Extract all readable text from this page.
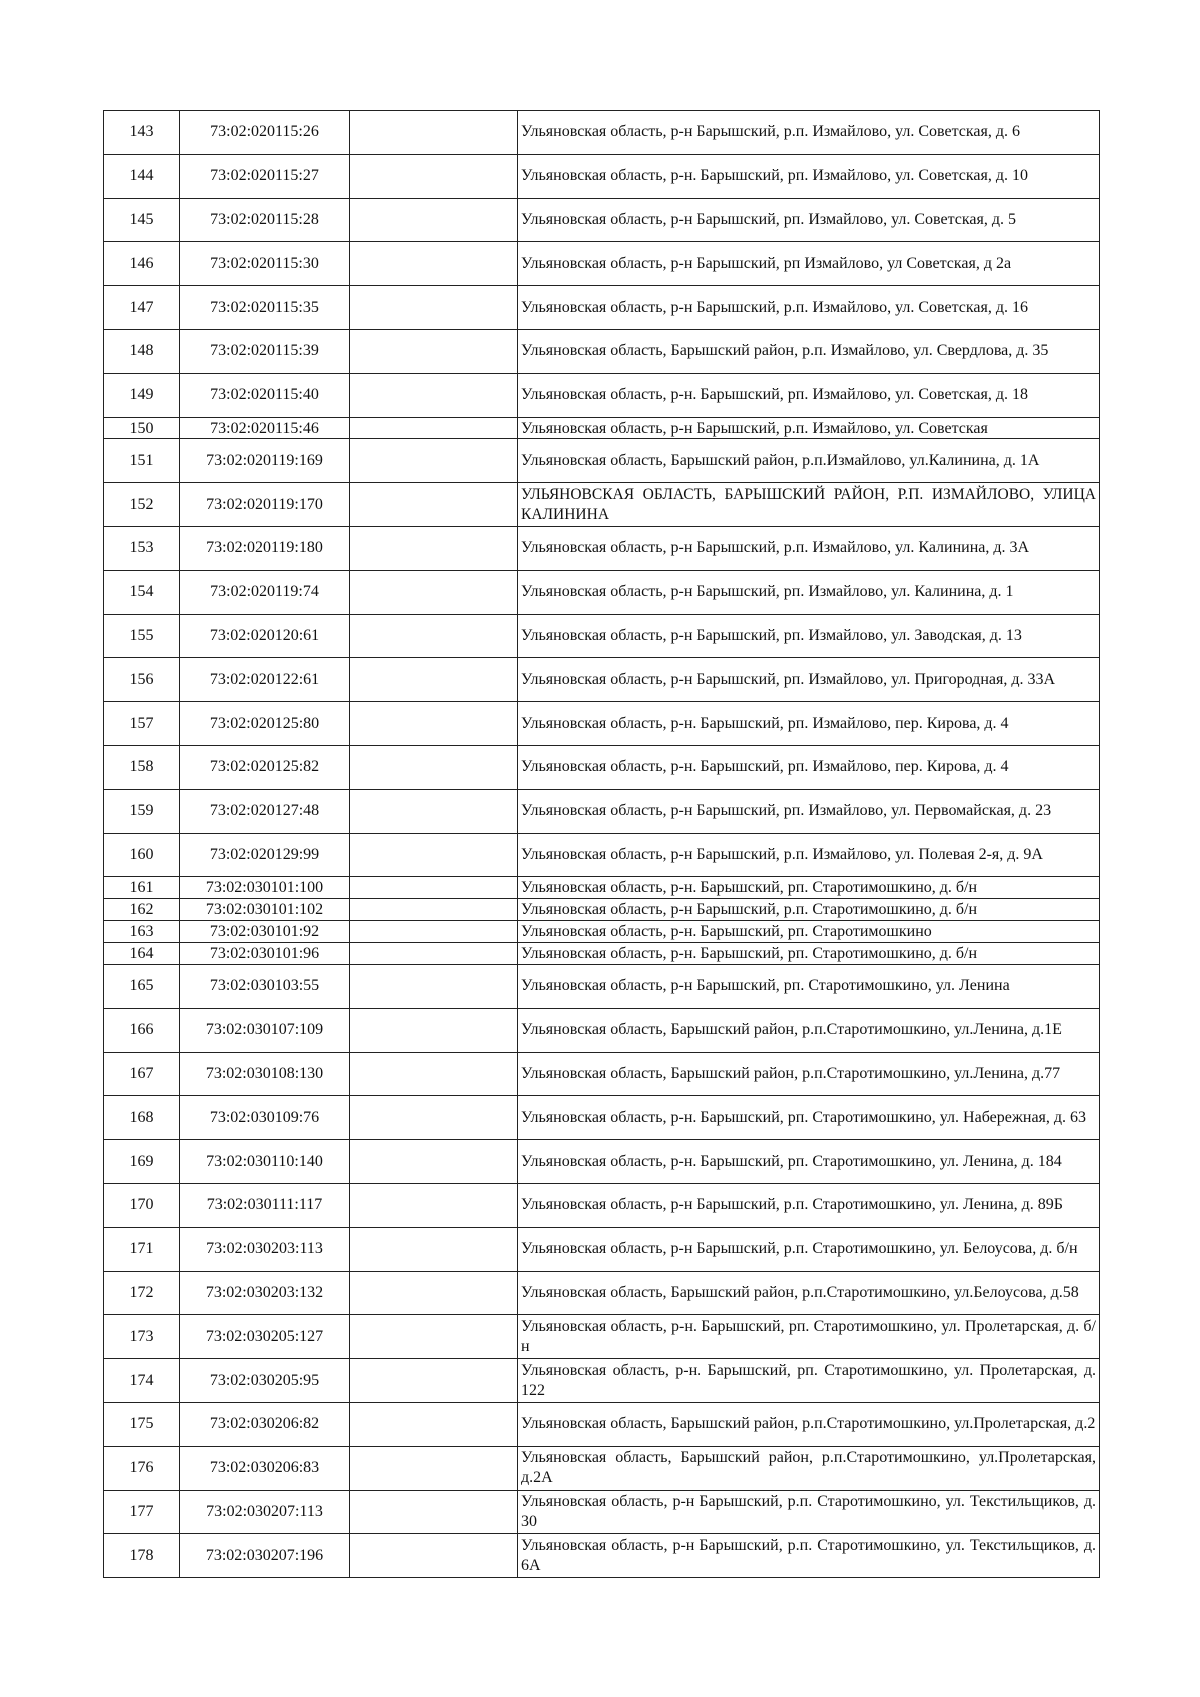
143	73:02:020115:26		Ульяновская область, р-н Барышский, р.п. Измайлово, ул. Советская, д. 6
144	73:02:020115:27		Ульяновская область, р-н. Барышский, рп. Измайлово, ул. Советская, д. 10
145	73:02:020115:28		Ульяновская область, р-н Барышский, рп. Измайлово, ул. Советская, д. 5
146	73:02:020115:30		Ульяновская область, р-н Барышский, рп Измайлово, ул Советская, д 2а
147	73:02:020115:35		Ульяновская область, р-н Барышский, р.п. Измайлово, ул. Советская, д. 16
148	73:02:020115:39		Ульяновская область, Барышский район, р.п. Измайлово, ул. Свердлова, д. 35
149	73:02:020115:40		Ульяновская область, р-н. Барышский, рп. Измайлово, ул. Советская, д. 18
150	73:02:020115:46		Ульяновская область, р-н Барышский, р.п. Измайлово, ул. Советская
151	73:02:020119:169		Ульяновская область, Барышский район, р.п.Измайлово, ул.Калинина, д. 1А
152	73:02:020119:170		УЛЬЯНОВСКАЯ ОБЛАСТЬ, БАРЫШСКИЙ РАЙОН, Р.П. ИЗМАЙЛОВО, УЛИЦА КАЛИНИНА
153	73:02:020119:180		Ульяновская область, р-н Барышский, р.п. Измайлово, ул. Калинина, д. 3А
154	73:02:020119:74		Ульяновская область, р-н Барышский, рп. Измайлово, ул. Калинина, д. 1
155	73:02:020120:61		Ульяновская область, р-н Барышский, рп. Измайлово, ул. Заводская, д. 13
156	73:02:020122:61		Ульяновская область, р-н Барышский, рп. Измайлово, ул. Пригородная, д. 33А
157	73:02:020125:80		Ульяновская область, р-н. Барышский, рп. Измайлово, пер. Кирова, д. 4
158	73:02:020125:82		Ульяновская область, р-н. Барышский, рп. Измайлово, пер. Кирова, д. 4
159	73:02:020127:48		Ульяновская область, р-н Барышский, рп. Измайлово, ул. Первомайская, д. 23
160	73:02:020129:99		Ульяновская область, р-н Барышский, р.п. Измайлово, ул. Полевая 2-я, д. 9А
161	73:02:030101:100		Ульяновская область, р-н. Барышский, рп. Старотимошкино, д. б/н
162	73:02:030101:102		Ульяновская область, р-н Барышский, р.п. Старотимошкино, д. б/н
163	73:02:030101:92		Ульяновская область, р-н. Барышский, рп. Старотимошкино
164	73:02:030101:96		Ульяновская область, р-н. Барышский, рп. Старотимошкино, д. б/н
165	73:02:030103:55		Ульяновская область, р-н Барышский, рп. Старотимошкино, ул. Ленина
166	73:02:030107:109		Ульяновская область, Барышский район, р.п.Старотимошкино, ул.Ленина, д.1Е
167	73:02:030108:130		Ульяновская область, Барышский район, р.п.Старотимошкино, ул.Ленина, д.77
168	73:02:030109:76		Ульяновская область, р-н. Барышский, рп. Старотимошкино, ул. Набережная, д. 63
169	73:02:030110:140		Ульяновская область, р-н. Барышский, рп. Старотимошкино, ул. Ленина, д. 184
170	73:02:030111:117		Ульяновская область, р-н Барышский, р.п. Старотимошкино, ул. Ленина, д. 89Б
171	73:02:030203:113		Ульяновская область, р-н Барышский, р.п. Старотимошкино, ул. Белоусова, д. б/н
172	73:02:030203:132		Ульяновская область, Барышский район, р.п.Старотимошкино, ул.Белоусова, д.58
173	73:02:030205:127		Ульяновская область, р-н. Барышский, рп. Старотимошкино, ул. Пролетарская, д. б/н
174	73:02:030205:95		Ульяновская область, р-н. Барышский, рп. Старотимошкино, ул. Пролетарская, д. 122
175	73:02:030206:82		Ульяновская область, Барышский район, р.п.Старотимошкино, ул.Пролетарская, д.2
176	73:02:030206:83		Ульяновская область, Барышский район, р.п.Старотимошкино, ул.Пролетарская, д.2А
177	73:02:030207:113		Ульяновская область, р-н Барышский, р.п. Старотимошкино, ул. Текстильщиков, д. 30
178	73:02:030207:196		Ульяновская область, р-н Барышский, р.п. Старотимошкино, ул. Текстильщиков, д. 6А
